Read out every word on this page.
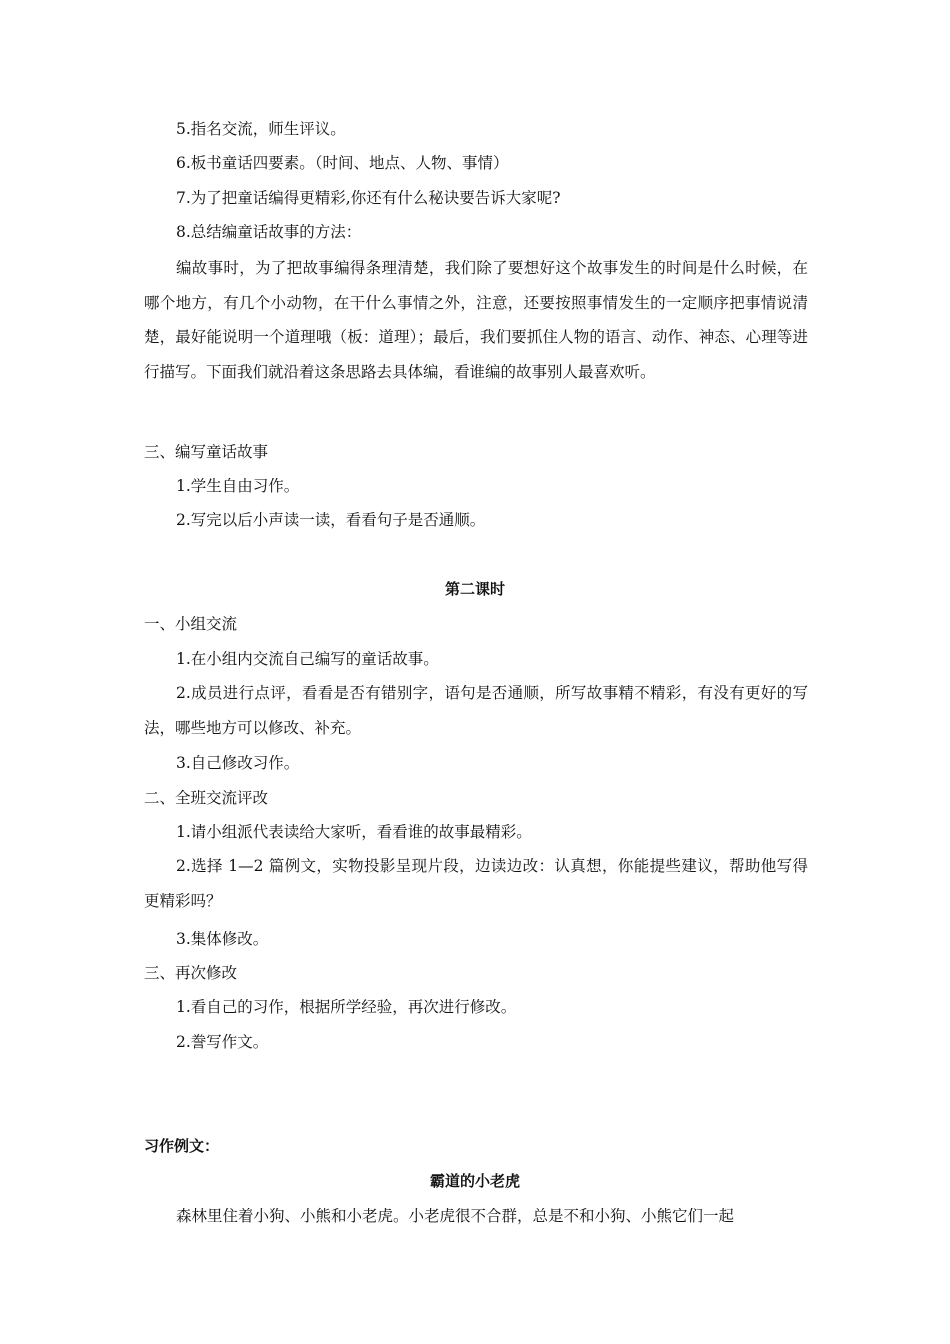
5.指名交流，师生评议。
6.板书童话四要素。（时间、地点、人物、事情）
7.为了把童话编得更精彩,你还有什么秘诀要告诉大家呢?
8.总结编童话故事的方法：
编故事时，为了把故事编得条理清楚，我们除了要想好这个故事发生的时间是什么时候，在哪个地方，有几个小动物，在干什么事情之外，注意，还要按照事情发生的一定顺序把事情说清楚，最好能说明一个道理哦（板：道理）；最后，我们要抓住人物的语言、动作、神态、心理等进行描写。下面我们就沿着这条思路去具体编，看谁编的故事别人最喜欢听。
三、编写童话故事
1.学生自由习作。
2.写完以后小声读一读，看看句子是否通顺。
第二课时
一、小组交流
1.在小组内交流自己编写的童话故事。
2.成员进行点评，看看是否有错别字，语句是否通顺，所写故事精不精彩，有没有更好的写法，哪些地方可以修改、补充。
3.自己修改习作。
二、全班交流评改
1.请小组派代表读给大家听，看看谁的故事最精彩。
2.选择 1—2 篇例文，实物投影呈现片段，边读边改：认真想，你能提些建议，帮助他写得更精彩吗？
3.集体修改。
三、再次修改
1.看自己的习作，根据所学经验，再次进行修改。
2.誊写作文。
习作例文：
霸道的小老虎
森林里住着小狗、小熊和小老虎。小老虎很不合群，总是不和小狗、小熊它们一起
